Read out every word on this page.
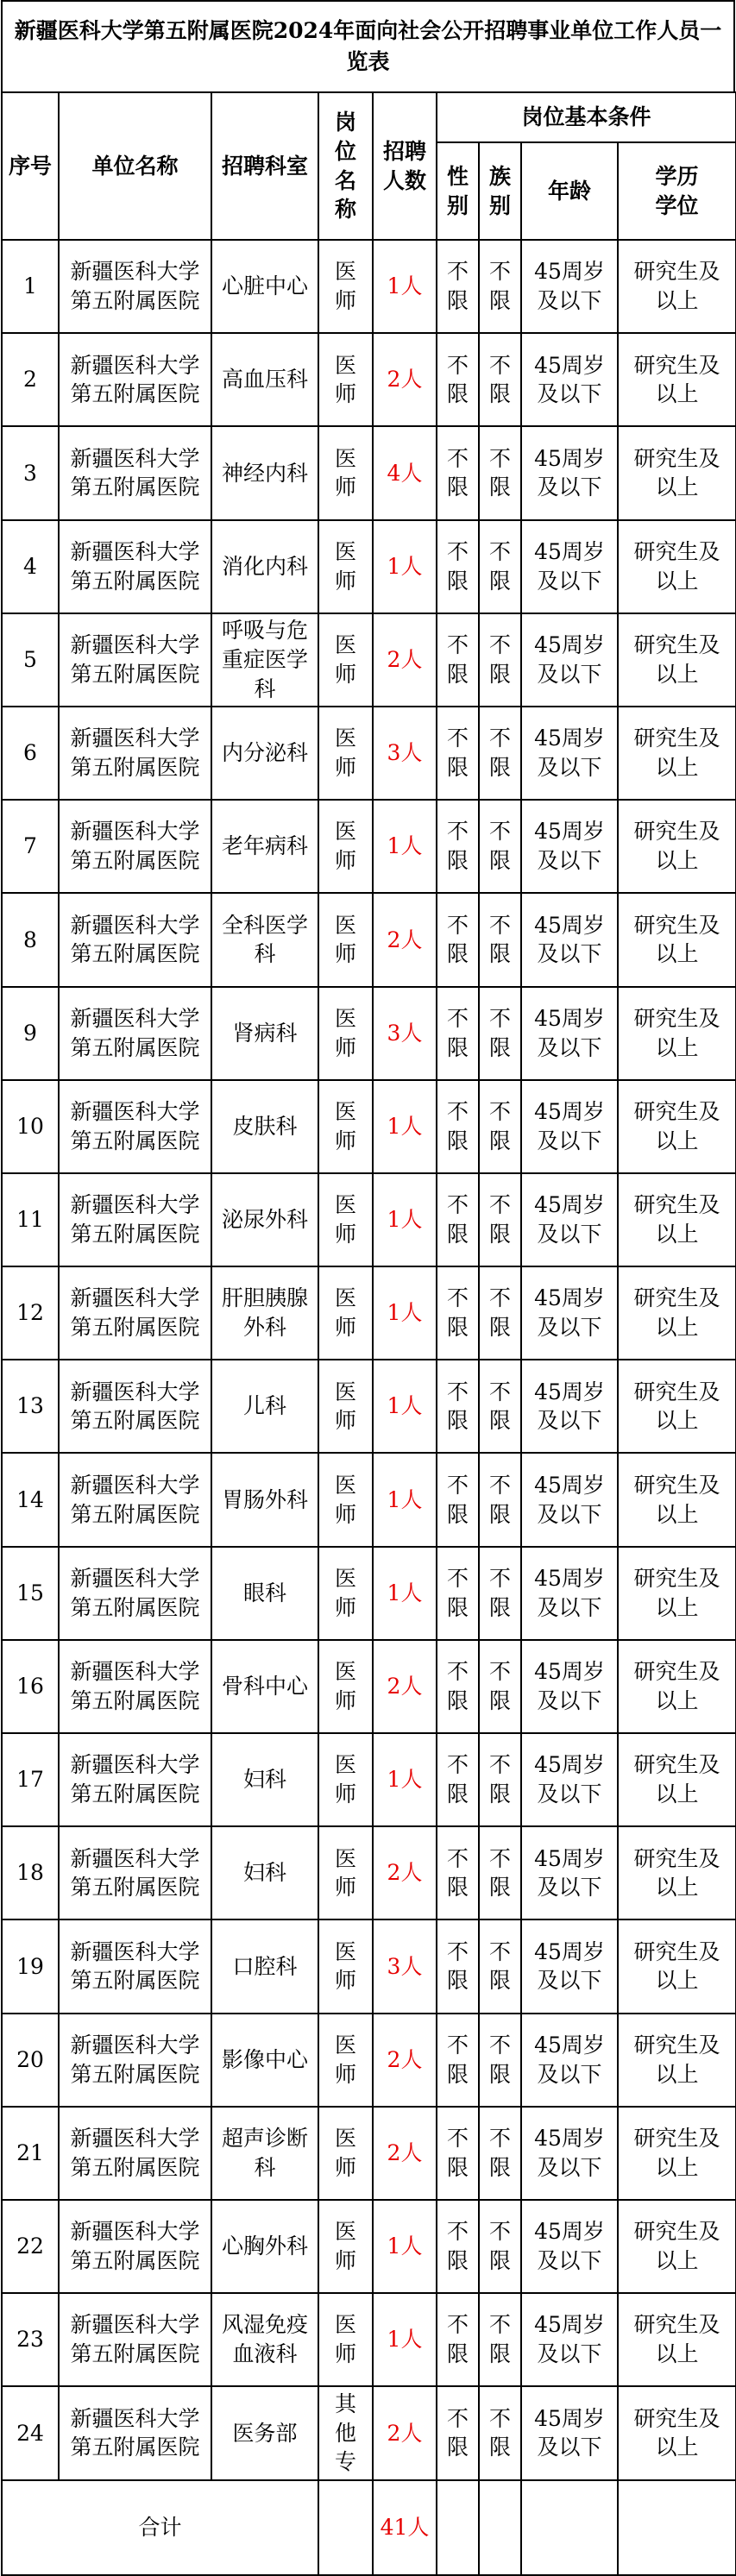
新疆医科大学第五附属医院2024年面向社会公开招聘事业单位工作人员一览表
序号	单位名称	招聘科室	岗位名称	招聘人数	岗位基本条件			

					性别	族别	年龄	学历学位

1	新疆医科大学第五附属医院	心脏中心	医师	1人	不限	不限	45周岁及以下	研究生及以上

2	新疆医科大学第五附属医院	高血压科	医师	2人	不限	不限	45周岁及以下	研究生及以上

3	新疆医科大学第五附属医院	神经内科	医师	4人	不限	不限	45周岁及以下	研究生及以上

4	新疆医科大学第五附属医院	消化内科	医师	1人	不限	不限	45周岁及以下	研究生及以上

5	新疆医科大学第五附属医院	呼吸与危重症医学科	医师	2人	不限	不限	45周岁及以下	研究生及以上

6	新疆医科大学第五附属医院	内分泌科	医师	3人	不限	不限	45周岁及以下	研究生及以上

7	新疆医科大学第五附属医院	老年病科	医师	1人	不限	不限	45周岁及以下	研究生及以上

8	新疆医科大学第五附属医院	全科医学科	医师	2人	不限	不限	45周岁及以下	研究生及以上

9	新疆医科大学第五附属医院	肾病科	医师	3人	不限	不限	45周岁及以下	研究生及以上

10	新疆医科大学第五附属医院	皮肤科	医师	1人	不限	不限	45周岁及以下	研究生及以上

11	新疆医科大学第五附属医院	泌尿外科	医师	1人	不限	不限	45周岁及以下	研究生及以上

12	新疆医科大学第五附属医院	肝胆胰腺外科	医师	1人	不限	不限	45周岁及以下	研究生及以上

13	新疆医科大学第五附属医院	儿科	医师	1人	不限	不限	45周岁及以下	研究生及以上

14	新疆医科大学第五附属医院	胃肠外科	医师	1人	不限	不限	45周岁及以下	研究生及以上

15	新疆医科大学第五附属医院	眼科	医师	1人	不限	不限	45周岁及以下	研究生及以上

16	新疆医科大学第五附属医院	骨科中心	医师	2人	不限	不限	45周岁及以下	研究生及以上

17	新疆医科大学第五附属医院	妇科	医师	1人	不限	不限	45周岁及以下	研究生及以上

18	新疆医科大学第五附属医院	妇科	医师	2人	不限	不限	45周岁及以下	研究生及以上

19	新疆医科大学第五附属医院	口腔科	医师	3人	不限	不限	45周岁及以下	研究生及以上

20	新疆医科大学第五附属医院	影像中心	医师	2人	不限	不限	45周岁及以下	研究生及以上

21	新疆医科大学第五附属医院	超声诊断科	医师	2人	不限	不限	45周岁及以下	研究生及以上

22	新疆医科大学第五附属医院	心胸外科	医师	1人	不限	不限	45周岁及以下	研究生及以上

23	新疆医科大学第五附属医院	风湿免疫血液科	医师	1人	不限	不限	45周岁及以下	研究生及以上

24	新疆医科大学第五附属医院	医务部	其他专	2人	不限	不限	45周岁及以下	研究生及以上

合计				41人				
